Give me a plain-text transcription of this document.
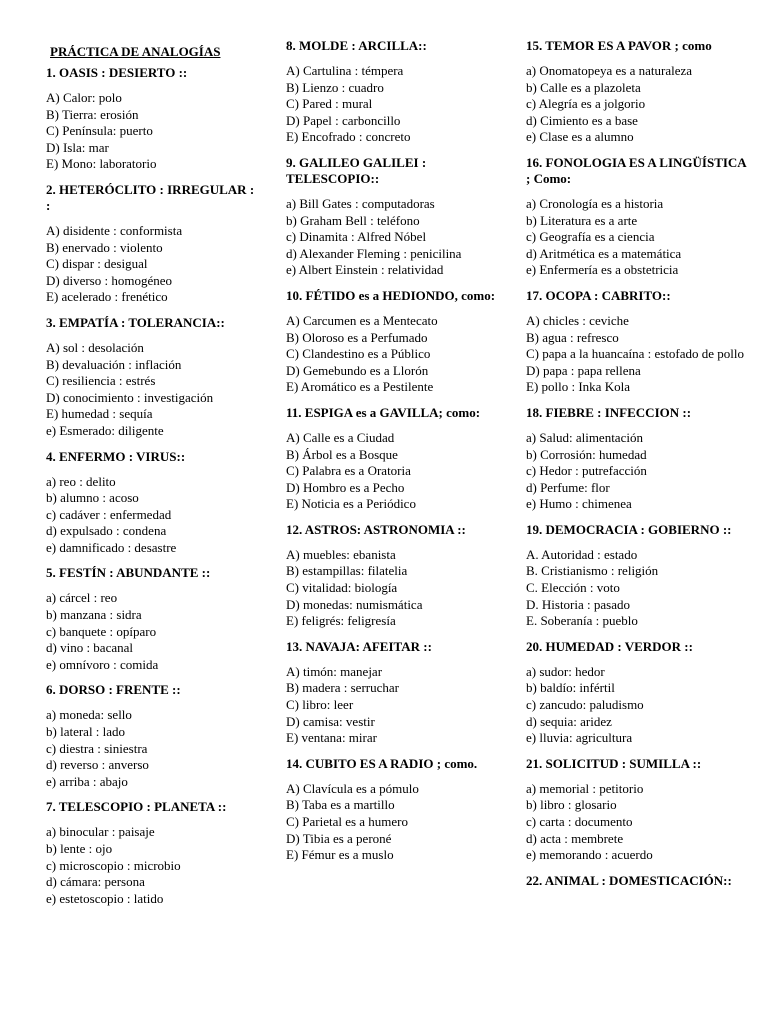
PRÁCTICA DE ANALOGÍAS
1. OASIS : DESIERTO ::
A) Calor: polo
B) Tierra: erosión
C) Península: puerto
D) Isla: mar
E) Mono: laboratorio
2. HETERÓCLITO : IRREGULAR : :
A) disidente : conformista
B) enervado : violento
C) dispar : desigual
D) diverso : homogéneo
E) acelerado : frenético
3. EMPATÍA : TOLERANCIA::
A) sol : desolación
B) devaluación : inflación
C) resiliencia : estrés
D) conocimiento : investigación
E) humedad : sequía
e) Esmerado: diligente
4. ENFERMO : VIRUS::
a) reo : delito
b) alumno : acoso
c) cadáver : enfermedad
d) expulsado : condena
e) damnificado : desastre
5. FESTÍN : ABUNDANTE ::
a) cárcel : reo
b) manzana : sidra
c) banquete : opíparo
d) vino : bacanal
e) omnívoro : comida
6. DORSO : FRENTE ::
a) moneda: sello
b) lateral : lado
c) diestra : siniestra
d) reverso : anverso
e) arriba : abajo
7. TELESCOPIO : PLANETA ::
a) binocular : paisaje
b) lente : ojo
c) microscopio : microbio
d) cámara: persona
e) estetoscopio : latido
8. MOLDE : ARCILLA::
A) Cartulina : témpera
B) Lienzo : cuadro
C) Pared : mural
D) Papel : carboncillo
E) Encofrado : concreto
9. GALILEO GALILEI : TELESCOPIO::
a) Bill Gates : computadoras
b) Graham Bell : teléfono
c) Dinamita : Alfred Nóbel
d) Alexander Fleming : penicilina
e) Albert Einstein : relatividad
10. FÉTIDO es a HEDIONDO, como:
A) Carcumen es a Mentecato
B) Oloroso es a Perfumado
C) Clandestino es a Público
D) Gemebundo es a Llorón
E) Aromático es a Pestilente
11. ESPIGA es a GAVILLA; como:
A) Calle es a Ciudad
B) Árbol es a Bosque
C) Palabra es a Oratoria
D) Hombro es a Pecho
E) Noticia es a Periódico
12. ASTROS: ASTRONOMIA ::
A) muebles: ebanista
B) estampillas: filatelia
C) vitalidad: biología
D) monedas: numismática
E) feligrés: feligresía
13. NAVAJA: AFEITAR ::
A) timón: manejar
B) madera : serruchar
C) libro: leer
D) camisa: vestir
E) ventana: mirar
14. CUBITO ES A RADIO ; como.
A) Clavícula es a pómulo
B) Taba es a martillo
C) Parietal es a humero
D) Tibia es a peroné
E) Fémur es a muslo
15. TEMOR ES A PAVOR ; como
a) Onomatopeya es a naturaleza
b) Calle es a plazoleta
c) Alegría es a jolgorio
d) Cimiento es a base
e) Clase es a alumno
16. FONOLOGIA ES A LINGÜÍSTICA ; Como:
a) Cronología es a historia
b) Literatura es a arte
c) Geografía es a ciencia
d) Aritmética es a matemática
e) Enfermería es a obstetricia
17. OCOPA : CABRITO::
A) chicles : ceviche
B) agua : refresco
C) papa a la huancaína : estofado de pollo
D) papa : papa rellena
E) pollo : Inka Kola
18. FIEBRE : INFECCION ::
a) Salud: alimentación
b) Corrosión: humedad
c) Hedor : putrefacción
d) Perfume: flor
e) Humo : chimenea
19. DEMOCRACIA : GOBIERNO ::
A. Autoridad : estado
B. Cristianismo : religión
C. Elección : voto
D. Historia : pasado
E. Soberanía : pueblo
20. HUMEDAD : VERDOR ::
a) sudor: hedor
b) baldío: infértil
c) zancudo: paludismo
d) sequia: aridez
e) lluvia: agricultura
21. SOLICITUD : SUMILLA ::
a) memorial : petitorio
b) libro : glosario
c) carta : documento
d) acta : membrete
e) memorando : acuerdo
22. ANIMAL : DOMESTICACIÓN::
